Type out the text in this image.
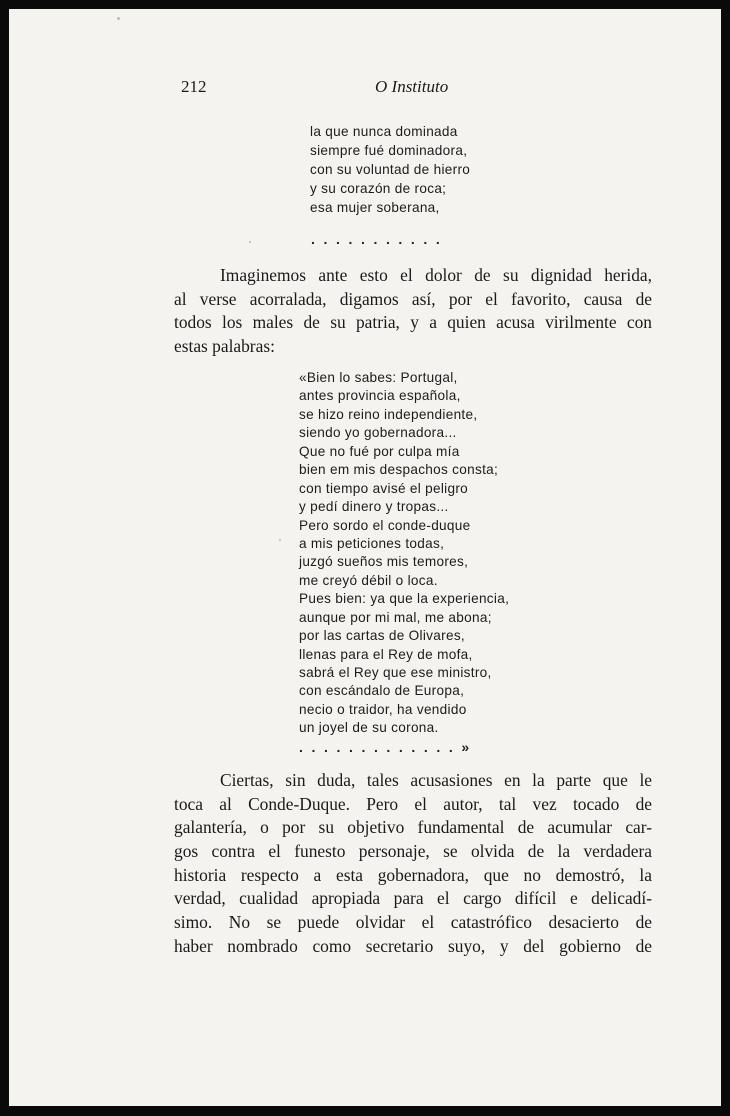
212	O Instituto
la que nunca dominada
siempre fué dominadora,
con su voluntad de hierro
y su corazón de roca;
esa mujer soberana,
...........
Imaginemos ante esto el dolor de su dignidad herida,
al verse acorralada, digamos así, por el favorito, causa de
todos los males de su patria, y a quien acusa virilmente con
estas palabras:
«Bien lo sabes: Portugal,
antes provincia española,
se hizo reino independiente,
siendo yo gobernadora...
Que no fué por culpa mía
bien em mis despachos consta;
con tiempo avisé el peligro
y pedí dinero y tropas...
Pero sordo el conde-duque
a mis peticiones todas,
juzgó sueños mis temores,
me creyó débil o loca.
Pues bien: ya que la experiencia,
aunque por mi mal, me abona;
por las cartas de Olivares,
llenas para el Rey de mofa,
sabrá el Rey que ese ministro,
con escándalo de Europa,
necio o traidor, ha vendido
un joyel de su corona.
.............»
Ciertas, sin duda, tales acusasiones en la parte que le
toca al Conde-Duque. Pero el autor, tal vez tocado de
galantería, o por su objetivo fundamental de acumular car-
gos contra el funesto personaje, se olvida de la verdadera
historia respecto a esta gobernadora, que no demostró, la
verdad, cualidad apropiada para el cargo difícil e delicadí-
simo. No se puede olvidar el catastrófico desacierto de
haber nombrado como secretario suyo, y del gobierno de
